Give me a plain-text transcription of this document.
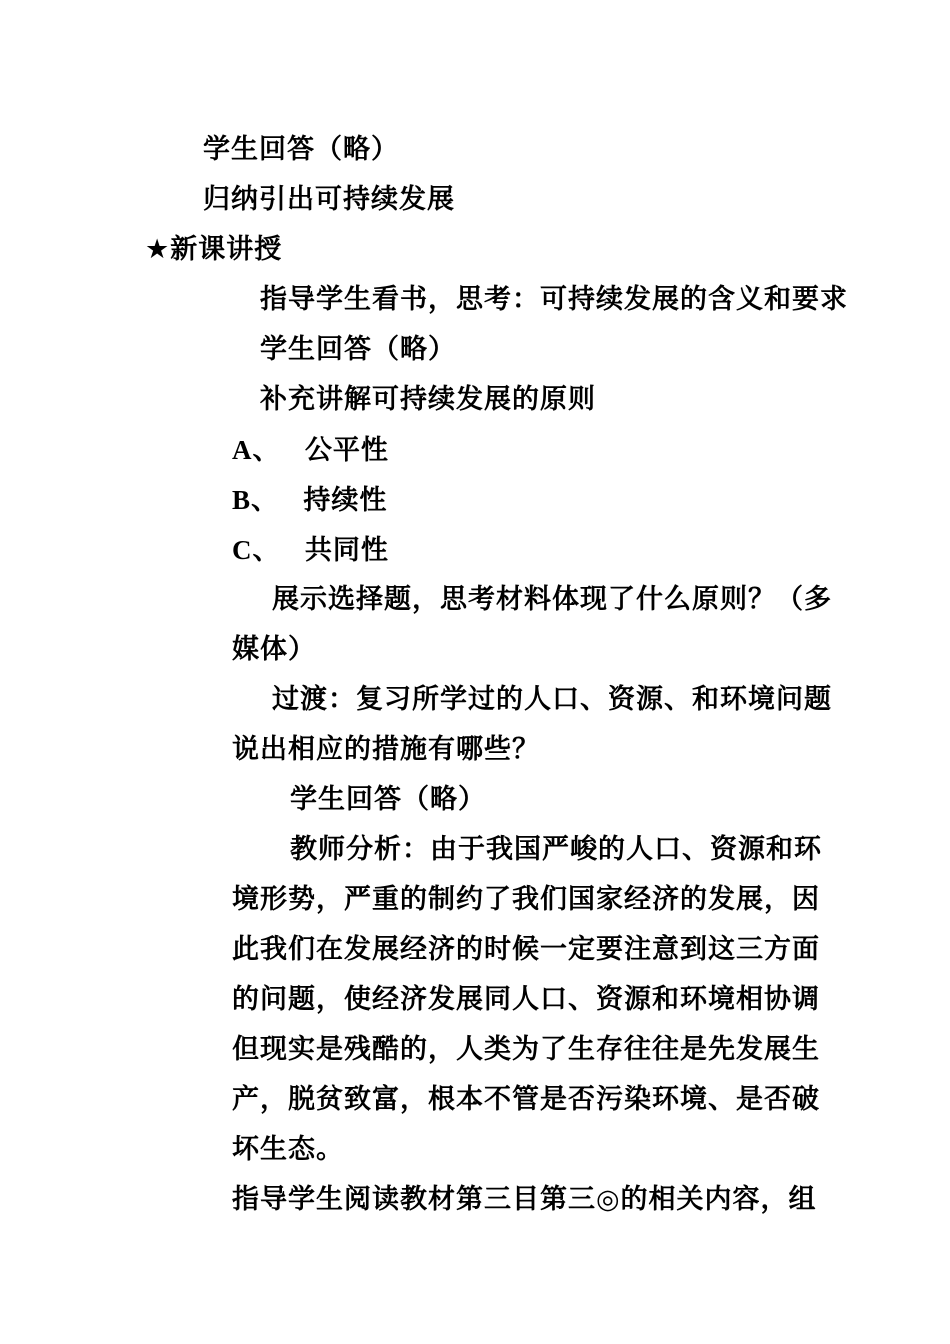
学生回答（略）
归纳引出可持续发展
★新课讲授
指导学生看书，思考：可持续发展的含义和要求
学生回答（略）
补充讲解可持续发展的原则
A、 公平性
B、 持续性
C、 共同性
展示选择题，思考材料体现了什么原则？（多
媒体）
过渡：复习所学过的人口、资源、和环境问题
说出相应的措施有哪些？
学生回答（略）
教师分析：由于我国严峻的人口、资源和环
境形势，严重的制约了我们国家经济的发展，因
此我们在发展经济的时候一定要注意到这三方面
的问题，使经济发展同人口、资源和环境相协调
但现实是残酷的，人类为了生存往往是先发展生
产，脱贫致富，根本不管是否污染环境、是否破
坏生态。
指导学生阅读教材第三目第三◎的相关内容，组
